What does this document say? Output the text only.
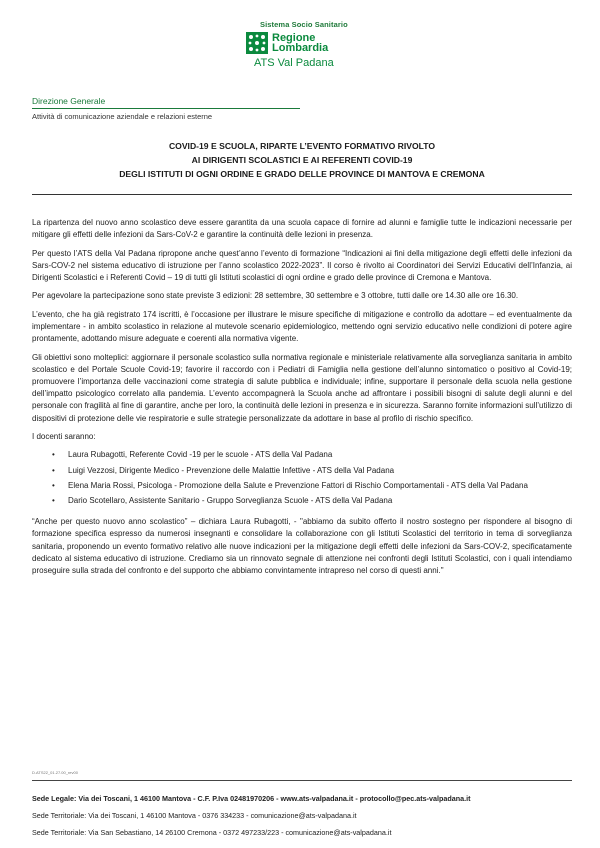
Sistema Socio Sanitario
Regione
Lombardia
ATS Val Padana
Direzione Generale
Attività di comunicazione aziendale e relazioni esterne
COVID-19 E SCUOLA, RIPARTE L’EVENTO FORMATIVO RIVOLTO
AI DIRIGENTI SCOLASTICI E AI REFERENTI COVID-19
DEGLI ISTITUTI DI OGNI ORDINE E GRADO DELLE PROVINCE DI MANTOVA E CREMONA

La ripartenza del nuovo anno scolastico deve essere garantita da una scuola capace di fornire ad alunni e famiglie tutte le indicazioni necessarie per mitigare gli effetti delle infezioni da Sars-CoV-2 e garantire la continuità delle lezioni in presenza.

Per questo l’ATS della Val Padana ripropone anche quest’anno l’evento di formazione “Indicazioni ai fini della mitigazione degli effetti delle infezioni da Sars-COV-2 nel sistema educativo di istruzione per l’anno scolastico 2022-2023”. Il corso è rivolto ai Coordinatori dei Servizi Educativi dell’Infanzia, ai Dirigenti Scolastici e i Referenti Covid – 19 di tutti gli Istituti scolastici di ogni ordine e grado delle province di Cremona e Mantova.

Per agevolare la partecipazione sono state previste 3 edizioni: 28 settembre, 30 settembre e 3 ottobre, tutti dalle ore 14.30 alle ore 16.30.

L’evento, che ha già registrato 174 iscritti, è l’occasione per illustrare le misure specifiche di mitigazione e controllo da adottare – ed eventualmente da implementare - in ambito scolastico in relazione al mutevole scenario epidemiologico, mettendo ogni servizio educativo nelle condizioni di potere agire prontamente, adottando misure adeguate e coerenti alla normativa vigente.

Gli obiettivi sono molteplici: aggiornare il personale scolastico sulla normativa regionale e ministeriale relativamente alla sorveglianza sanitaria in ambito scolastico e del Portale Scuole Covid-19; favorire il raccordo con i Pediatri di Famiglia nella gestione dell’alunno sintomatico o positivo al Covid-19; promuovere l’importanza delle vaccinazioni come strategia di salute pubblica e individuale; infine, supportare il personale della scuola nella gestione dell’impatto psicologico correlato alla pandemia. L’evento accompagnerà la Scuola anche ad affrontare i possibili bisogni di salute degli alunni e del personale con fragilità al fine di garantire, anche per loro, la continuità delle lezioni in presenza e in sicurezza. Saranno fornite informazioni sull’utilizzo di dispositivi di protezione delle vie respiratorie e sulle strategie personalizzate da adottare in base al profilo di rischio specifico.

I docenti saranno:

• Laura Rubagotti, Referente Covid -19 per le scuole - ATS della Val Padana
• Luigi Vezzosi, Dirigente Medico - Prevenzione delle Malattie Infettive - ATS della Val Padana
• Elena Maria Rossi, Psicologa - Promozione della Salute e Prevenzione Fattori di Rischio Comportamentali - ATS della Val Padana
• Dario Scotellaro, Assistente Sanitario - Gruppo Sorveglianza Scuole - ATS della Val Padana

“Anche per questo nuovo anno scolastico” – dichiara Laura Rubagotti, - "abbiamo da subito offerto il nostro sostegno per rispondere al bisogno di formazione specifica espresso da numerosi insegnanti e consolidare la collaborazione con gli Istituti Scolastici del territorio in tema di sorveglianza sanitaria, proponendo un evento formativo relativo alle nuove indicazioni per la mitigazione degli effetti delle infezioni da Sars-COV-2, specificatamente dedicato al sistema educativo di istruzione. Crediamo sia un rinnovato segnale di attenzione nei confronti degli Istituti Scolastici, con i quali intendiamo proseguire sulla strada del confronto e del supporto che abbiamo convintamente intrapreso nel corso di questi anni."

D.ATS22_01.27.00_rev00
Sede Legale: Via dei Toscani, 1 46100 Mantova - C.F. P.Iva 02481970206 - www.ats-valpadana.it - protocollo@pec.ats-valpadana.it
Sede Territoriale: Via dei Toscani, 1 46100 Mantova - 0376 334233 - comunicazione@ats-valpadana.it
Sede Territoriale: Via San Sebastiano, 14 26100 Cremona - 0372 497233/223 - comunicazione@ats-valpadana.it
